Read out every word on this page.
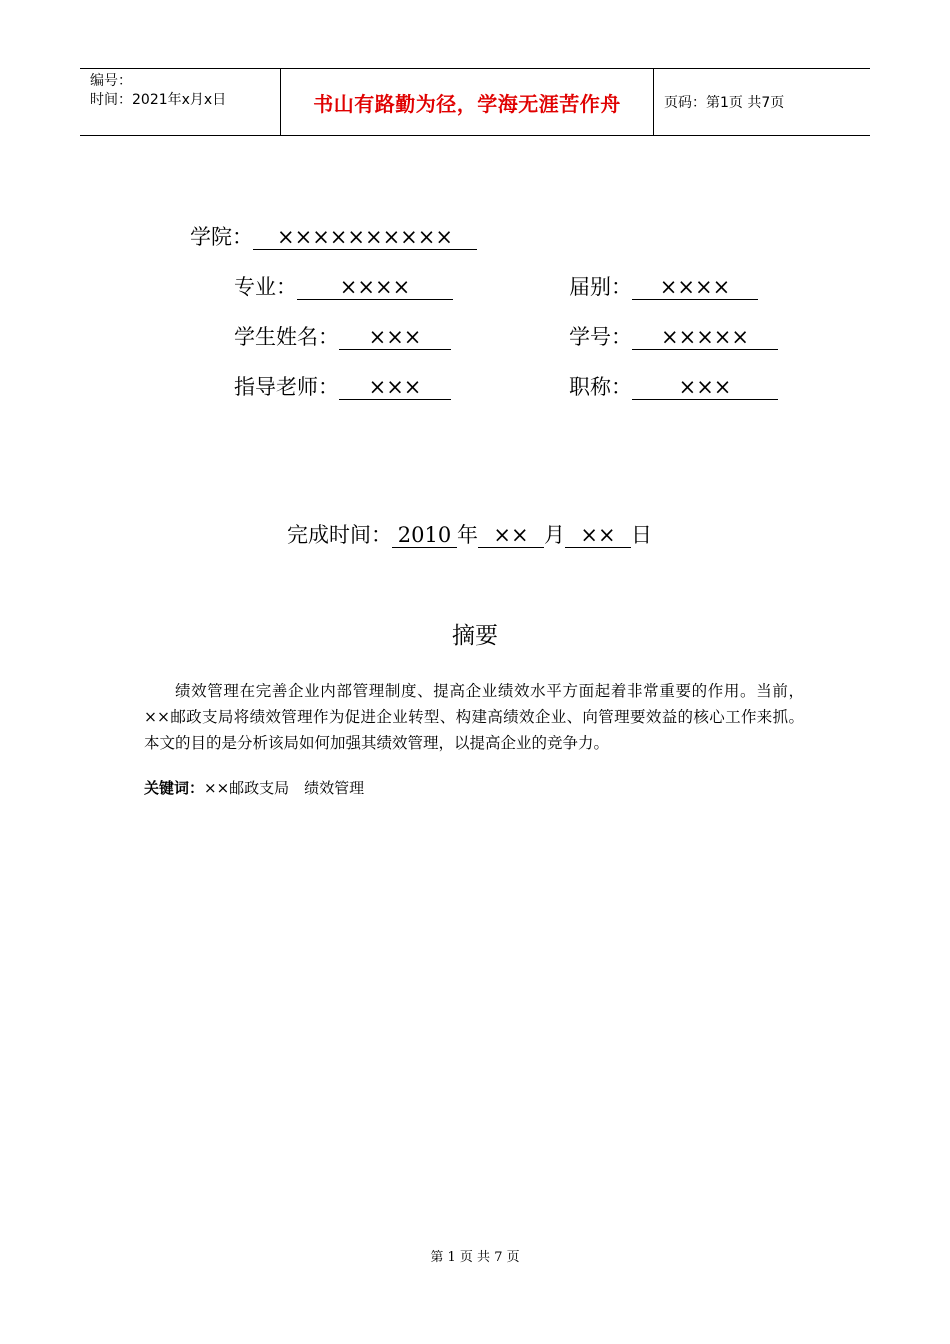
编号：
时间：2021年x月x日	书山有路勤为径，学海无涯苦作舟	页码：第1页 共7页
学院： ××××××××××
专业： ××××	届别： ××××
学生姓名： ×××	学号： ×××××
指导老师： ×××	职称： ×××
完成时间： 2010 年 ×× 月 ×× 日
摘要
绩效管理在完善企业内部管理制度、提高企业绩效水平方面起着非常重要的作用。当前，××邮政支局将绩效管理作为促进企业转型、构建高绩效企业、向管理要效益的核心工作来抓。本文的目的是分析该局如何加强其绩效管理，以提高企业的竞争力。
关键词：××邮政支局　绩效管理
第 1 页 共 7 页
